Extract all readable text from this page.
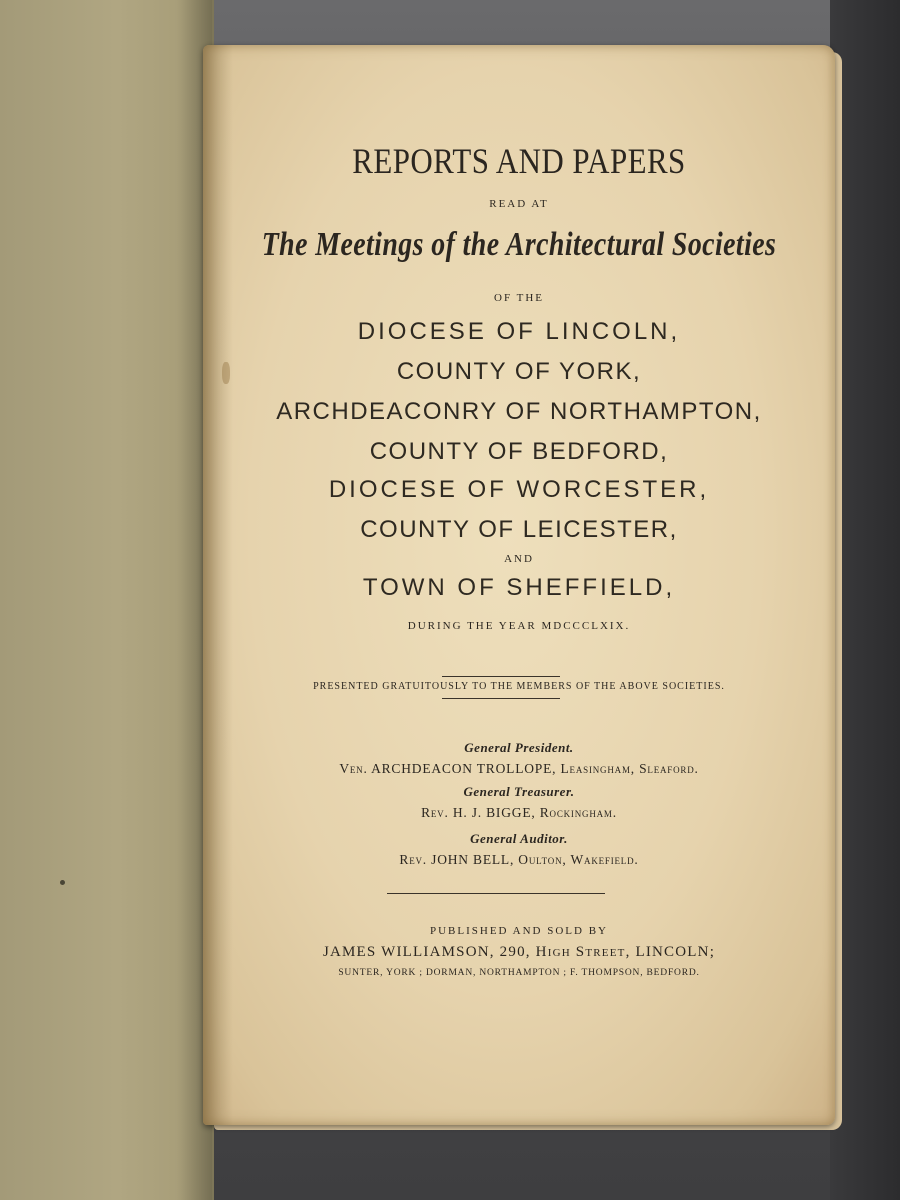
REPORTS AND PAPERS

READ AT

The Meetings of the Architectural Societies

OF THE

DIOCESE OF LINCOLN,

COUNTY OF YORK,

ARCHDEACONRY OF NORTHAMPTON,

COUNTY OF BEDFORD,

DIOCESE OF WORCESTER,

COUNTY OF LEICESTER,

AND

TOWN OF SHEFFIELD,

DURING THE YEAR MDCCCLXIX.

PRESENTED GRATUITOUSLY TO THE MEMBERS OF THE ABOVE SOCIETIES.

General President.

Ven. ARCHDEACON TROLLOPE, Leasingham, Sleaford.

General Treasurer.

Rev. H. J. BIGGE, Rockingham.

General Auditor.

Rev. JOHN BELL, Oulton, Wakefield.

PUBLISHED AND SOLD BY

JAMES WILLIAMSON, 290, High Street, LINCOLN;

SUNTER, YORK ; DORMAN, NORTHAMPTON ; F. THOMPSON, BEDFORD.
